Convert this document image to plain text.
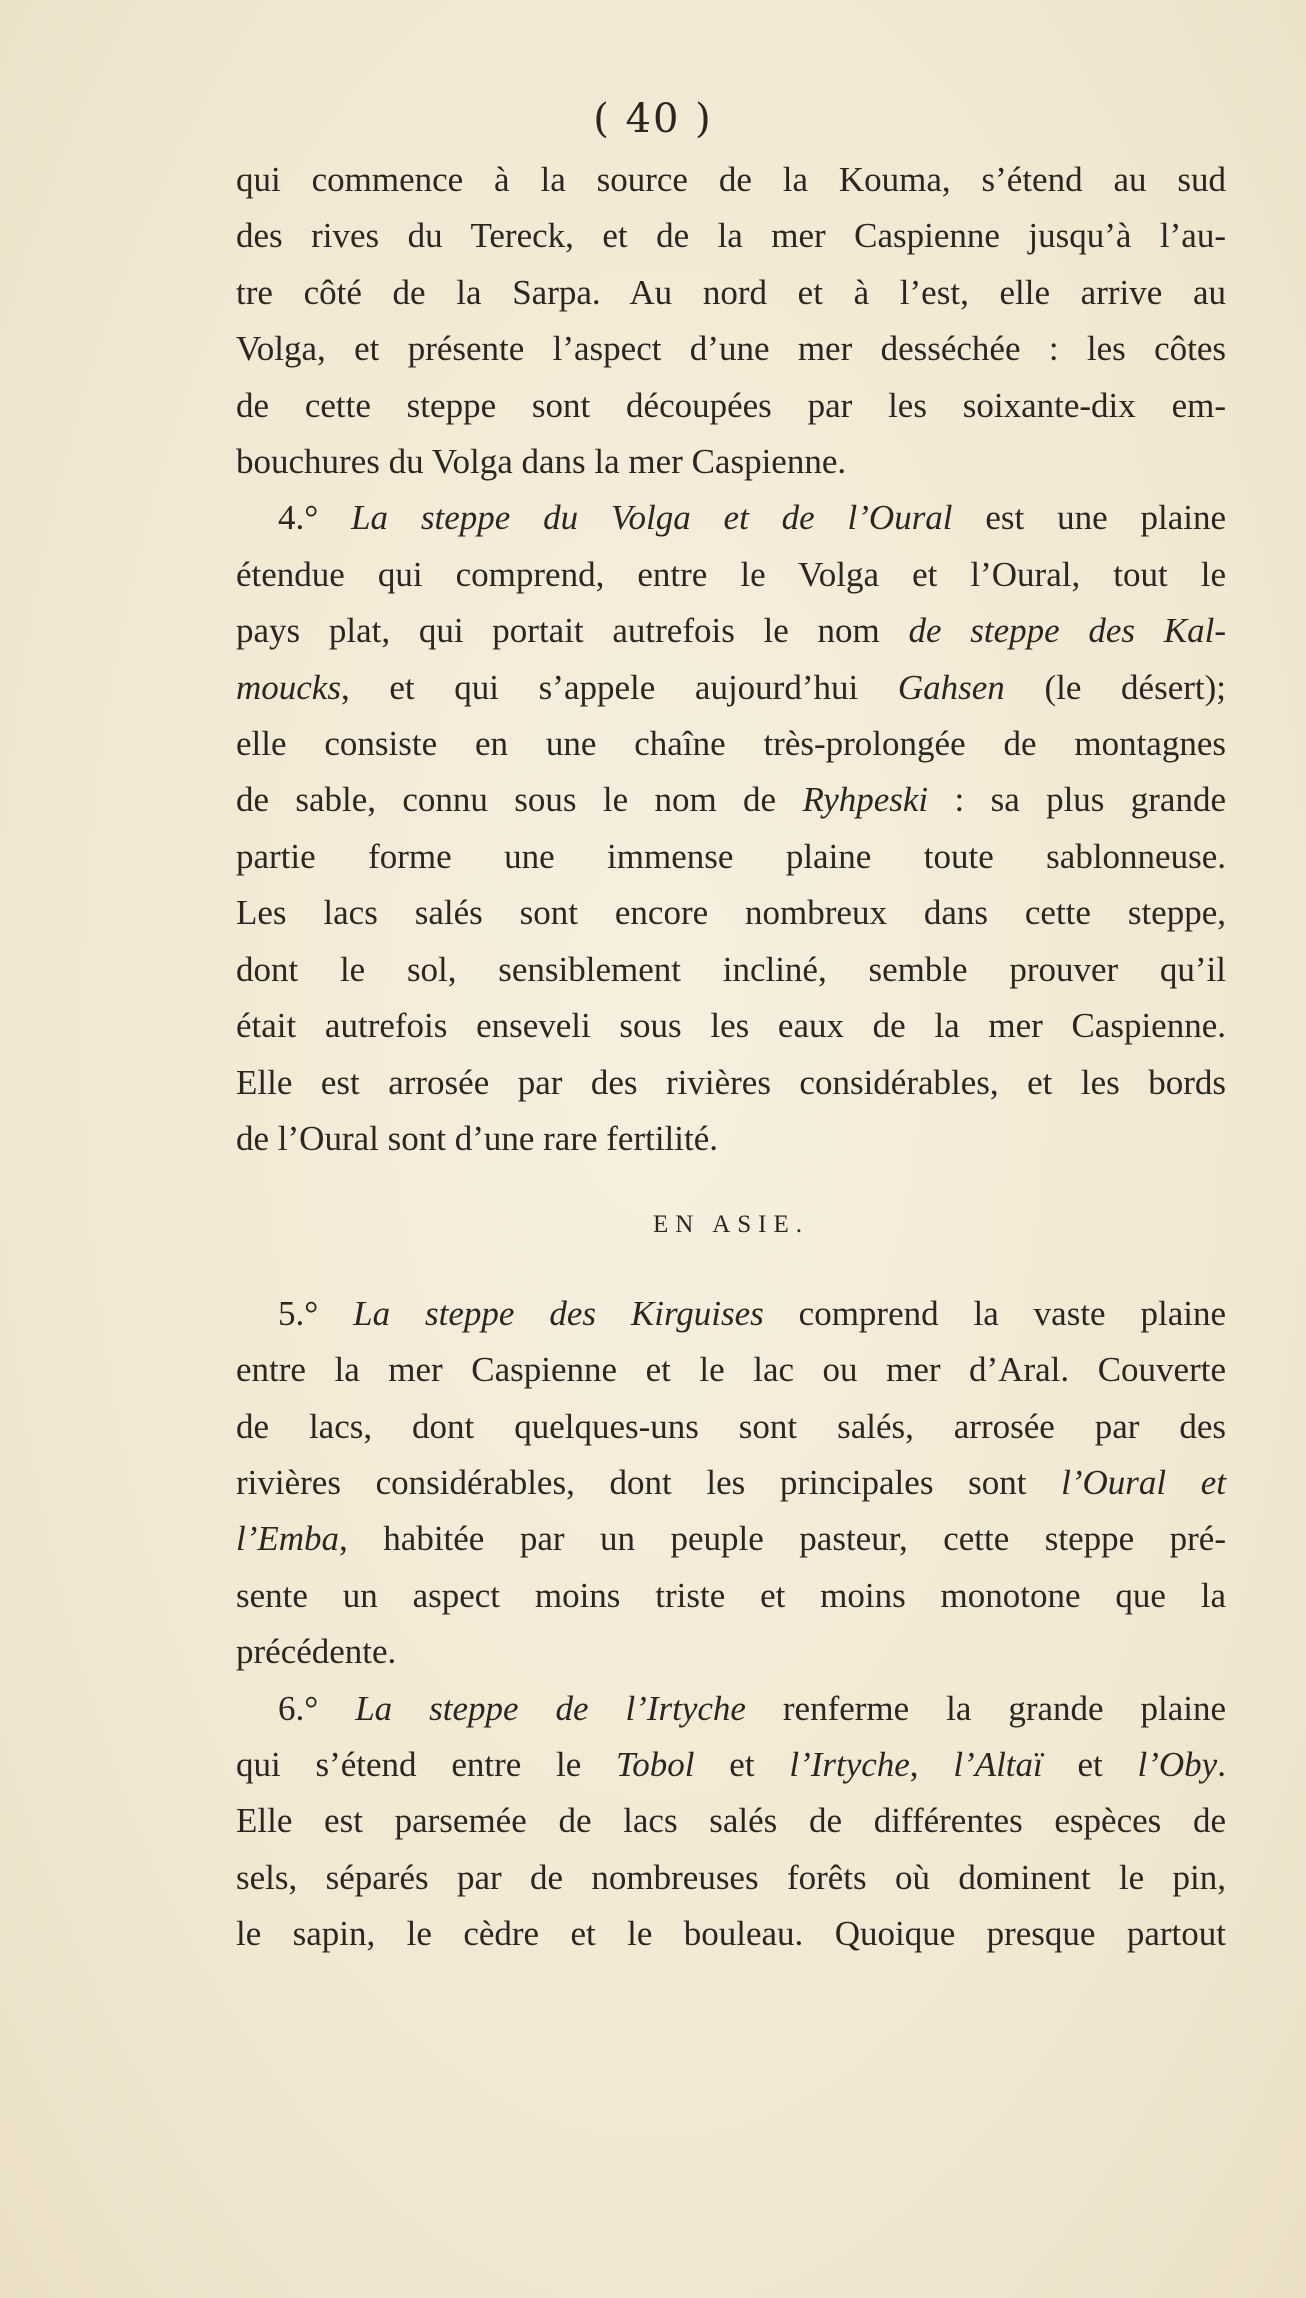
( 40 )
qui commence à la source de la Kouma, s’étend au sud
des rives du Tereck, et de la mer Caspienne jusqu’à l’au-
tre côté de la Sarpa. Au nord et à l’est, elle arrive au
Volga, et présente l’aspect d’une mer desséchée : les côtes
de cette steppe sont découpées par les soixante-dix em-
bouchures du Volga dans la mer Caspienne.
4.° La steppe du Volga et de l’Oural est une plaine
étendue qui comprend, entre le Volga et l’Oural, tout le
pays plat, qui portait autrefois le nom de steppe des Kal-
moucks, et qui s’appele aujourd’hui Gahsen (le désert);
elle consiste en une chaîne très-prolongée de montagnes
de sable, connu sous le nom de Ryhpeski : sa plus grande
partie forme une immense plaine toute sablonneuse.
Les lacs salés sont encore nombreux dans cette steppe,
dont le sol, sensiblement incliné, semble prouver qu’il
était autrefois enseveli sous les eaux de la mer Caspienne.
Elle est arrosée par des rivières considérables, et les bords
de l’Oural sont d’une rare fertilité.
EN ASIE.
5.° La steppe des Kirguises comprend la vaste plaine
entre la mer Caspienne et le lac ou mer d’Aral. Couverte
de lacs, dont quelques-uns sont salés, arrosée par des
rivières considérables, dont les principales sont l’Oural et
l’Emba, habitée par un peuple pasteur, cette steppe pré-
sente un aspect moins triste et moins monotone que la
précédente.
6.° La steppe de l’Irtyche renferme la grande plaine
qui s’étend entre le Tobol et l’Irtyche, l’Altaï et l’Oby.
Elle est parsemée de lacs salés de différentes espèces de
sels, séparés par de nombreuses forêts où dominent le pin,
le sapin, le cèdre et le bouleau. Quoique presque partout
